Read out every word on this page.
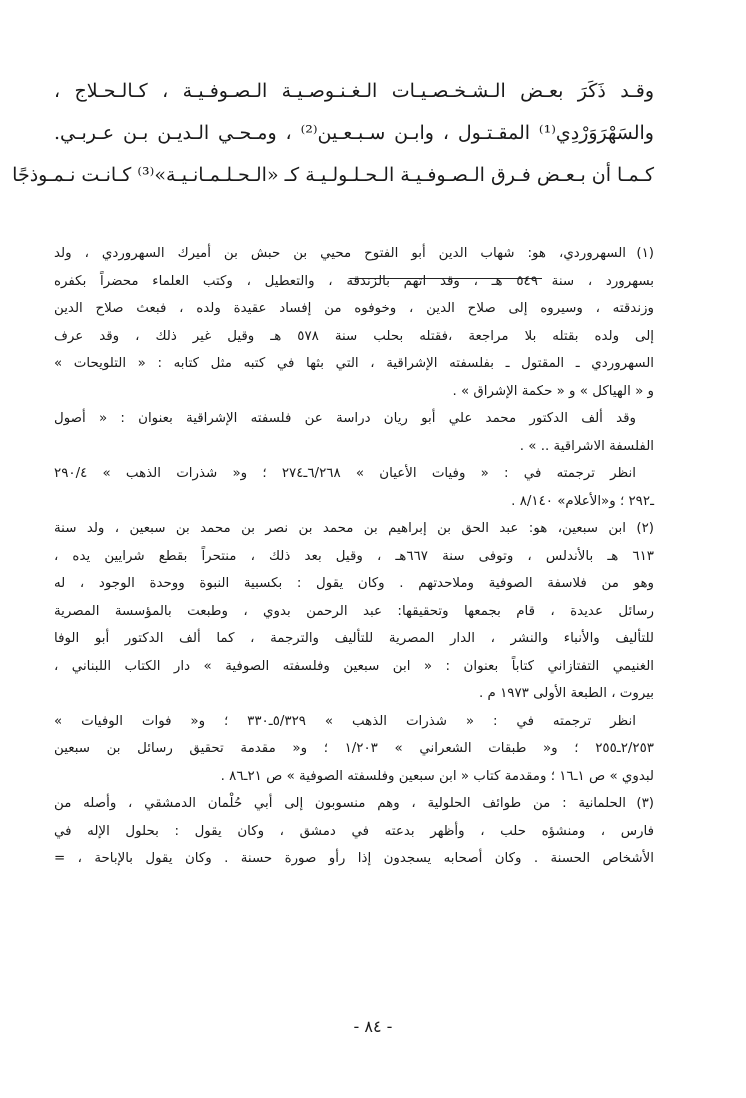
وقـد ذَكَرَ بعـض الـشـخـصـيـات الـغـنـوصـيـة الـصـوفـيـة ، كـالـحـلاج ،

والسَهْرَوَرْدِي⁽¹⁾ المقـتـول ، وابـن سـبـعـين⁽²⁾ ، ومـحـي الـديـن بـن عـربـي.

كـمـا أن بـعـض فـرق الـصـوفـيـة الـحـلـولـيـة كـ «الـحـلـمـانـيـة»⁽³⁾ كـانـت نـمـوذجًا

(١)السهروردي، هو: شهاب الدين أبو الفتوح محيي بن حبش بن أميرك السهروردي ، ولد
بسهرورد ، سنة ٥٤٩ هـ ، وقد اتهم بالزندقة ، والتعطيل ، وكتب العلماء محضراً بكفره
وزندقته ، وسيروه إلى صلاح الدين ، وخوفوه من إفساد عقيدة ولده ، فبعث صلاح الدين
إلى ولده بقتله بلا مراجعة ،فقتله بحلب سنة ٥٧٨ هـ وقيل غير ذلك ، وقد عرف
السهروردي ـ المقتول ـ بفلسفته الإشراقية ، التي بثها في كتبه مثل كتابه : « التلويحات »
و « الهياكل » و « حكمة الإشراق » .
وقد ألف الدكتور محمد علي أبو ريان دراسة عن فلسفته الإشراقية بعنوان : « أصول
الفلسفة الاشراقية .. » .
انظر ترجمته في : « وفيات الأعيان » ٦/٢٦٨ـ٢٧٤ ؛ و« شذرات الذهب » ٢٩٠/٤
ـ٢٩٢ ؛ و«الأعلام» ٨/١٤٠ .
(٢)ابن سبعين، هو: عبد الحق بن إبراهيم بن محمد بن نصر بن محمد بن سبعين ، ولد سنة
٦١٣ هـ بالأندلس ، وتوفى سنة ٦٦٧هـ ، وقيل بعد ذلك ، منتحراً بقطع شرايين يده ،
وهو من فلاسفة الصوفية وملاحدتهم . وكان يقول : بكسبية النبوة ووحدة الوجود ، له
رسائل عديدة ، قام بجمعها وتحقيقها: عبد الرحمن بدوي ، وطبعت بالمؤسسة المصرية
للتأليف والأنباء والنشر ، الدار المصرية للتأليف والترجمة ، كما ألف الدكتور أبو الوفا
الغنيمي التفتازاني كتاباً بعنوان : « ابن سبعين وفلسفته الصوفية » دار الكتاب اللبناني ،
بيروت ، الطبعة الأولى ١٩٧٣ م .
انظر ترجمته في : « شذرات الذهب » ٥/٣٢٩ـ٣٣٠ ؛ و« فوات الوفيات »
٢/٢٥٣ـ٢٥٥ ؛ و« طبقات الشعراني » ١/٢٠٣ ؛ و« مقدمة تحقيق رسائل بن سبعين
لبدوي » ص ١ـ١٦ ؛ ومقدمة كتاب « ابن سبعين وفلسفته الصوفية » ص ٢١ـ٨٦ .
(٣)الحلمانية : من طوائف الحلولية ، وهم منسوبون إلى أبي حُلْمان الدمشقي ، وأصله من
فارس ، ومنشؤه حلب ، وأظهر بدعته في دمشق ، وكان يقول : بحلول الإله في
الأشخاص الحسنة . وكان أصحابه يسجدون إذا رأو صورة حسنة . وكان يقول بالإباحة ، =
- ٨٤ -
